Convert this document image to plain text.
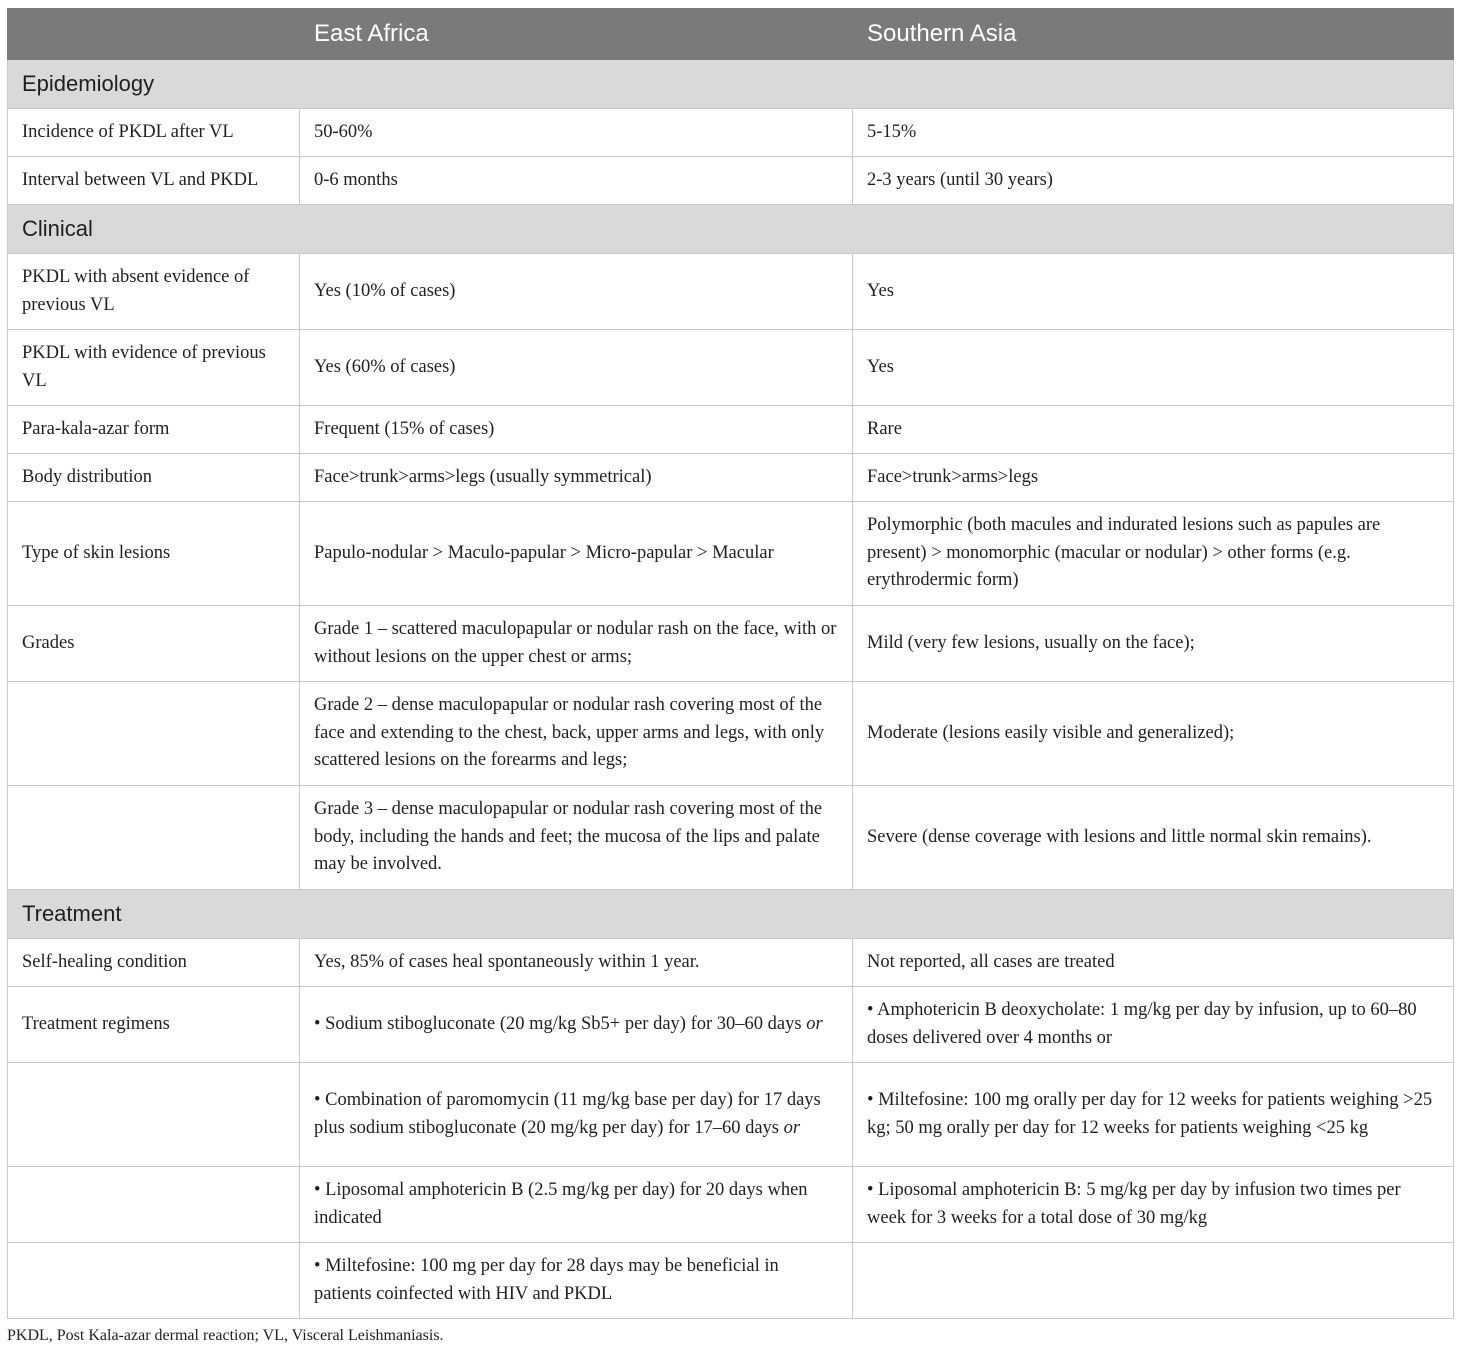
	East Africa	Southern Asia
Epidemiology		
Incidence of PKDL after VL	50-60%	5-15%
Interval between VL and PKDL	0-6 months	2-3 years (until 30 years)
Clinical		
PKDL with absent evidence of previous VL	Yes (10% of cases)	Yes
PKDL with evidence of previous VL	Yes (60% of cases)	Yes
Para-kala-azar form	Frequent (15% of cases)	Rare
Body distribution	Face>trunk>arms>legs (usually symmetrical)	Face>trunk>arms>legs
Type of skin lesions	Papulo-nodular > Maculo-papular > Micro-papular > Macular	Polymorphic (both macules and indurated lesions such as papules are present) > monomorphic (macular or nodular) > other forms (e.g. erythrodermic form)
Grades	Grade 1 – scattered maculopapular or nodular rash on the face, with or without lesions on the upper chest or arms;	Mild (very few lesions, usually on the face);
	Grade 2 – dense maculopapular or nodular rash covering most of the face and extending to the chest, back, upper arms and legs, with only scattered lesions on the forearms and legs;	Moderate (lesions easily visible and generalized);
	Grade 3 – dense maculopapular or nodular rash covering most of the body, including the hands and feet; the mucosa of the lips and palate may be involved.	Severe (dense coverage with lesions and little normal skin remains).
Treatment		
Self-healing condition	Yes, 85% of cases heal spontaneously within 1 year.	Not reported, all cases are treated
Treatment regimens	• Sodium stibogluconate (20 mg/kg Sb5+ per day) for 30–60 days or	• Amphotericin B deoxycholate: 1 mg/kg per day by infusion, up to 60–80 doses delivered over 4 months or
	• Combination of paromomycin (11 mg/kg base per day) for 17 days plus sodium stibogluconate (20 mg/kg per day) for 17–60 days or	• Miltefosine: 100 mg orally per day for 12 weeks for patients weighing >25 kg; 50 mg orally per day for 12 weeks for patients weighing <25 kg
	• Liposomal amphotericin B (2.5 mg/kg per day) for 20 days when indicated	• Liposomal amphotericin B: 5 mg/kg per day by infusion two times per week for 3 weeks for a total dose of 30 mg/kg
	• Miltefosine: 100 mg per day for 28 days may be beneficial in patients coinfected with HIV and PKDL	
PKDL, Post Kala-azar dermal reaction; VL, Visceral Leishmaniasis.
